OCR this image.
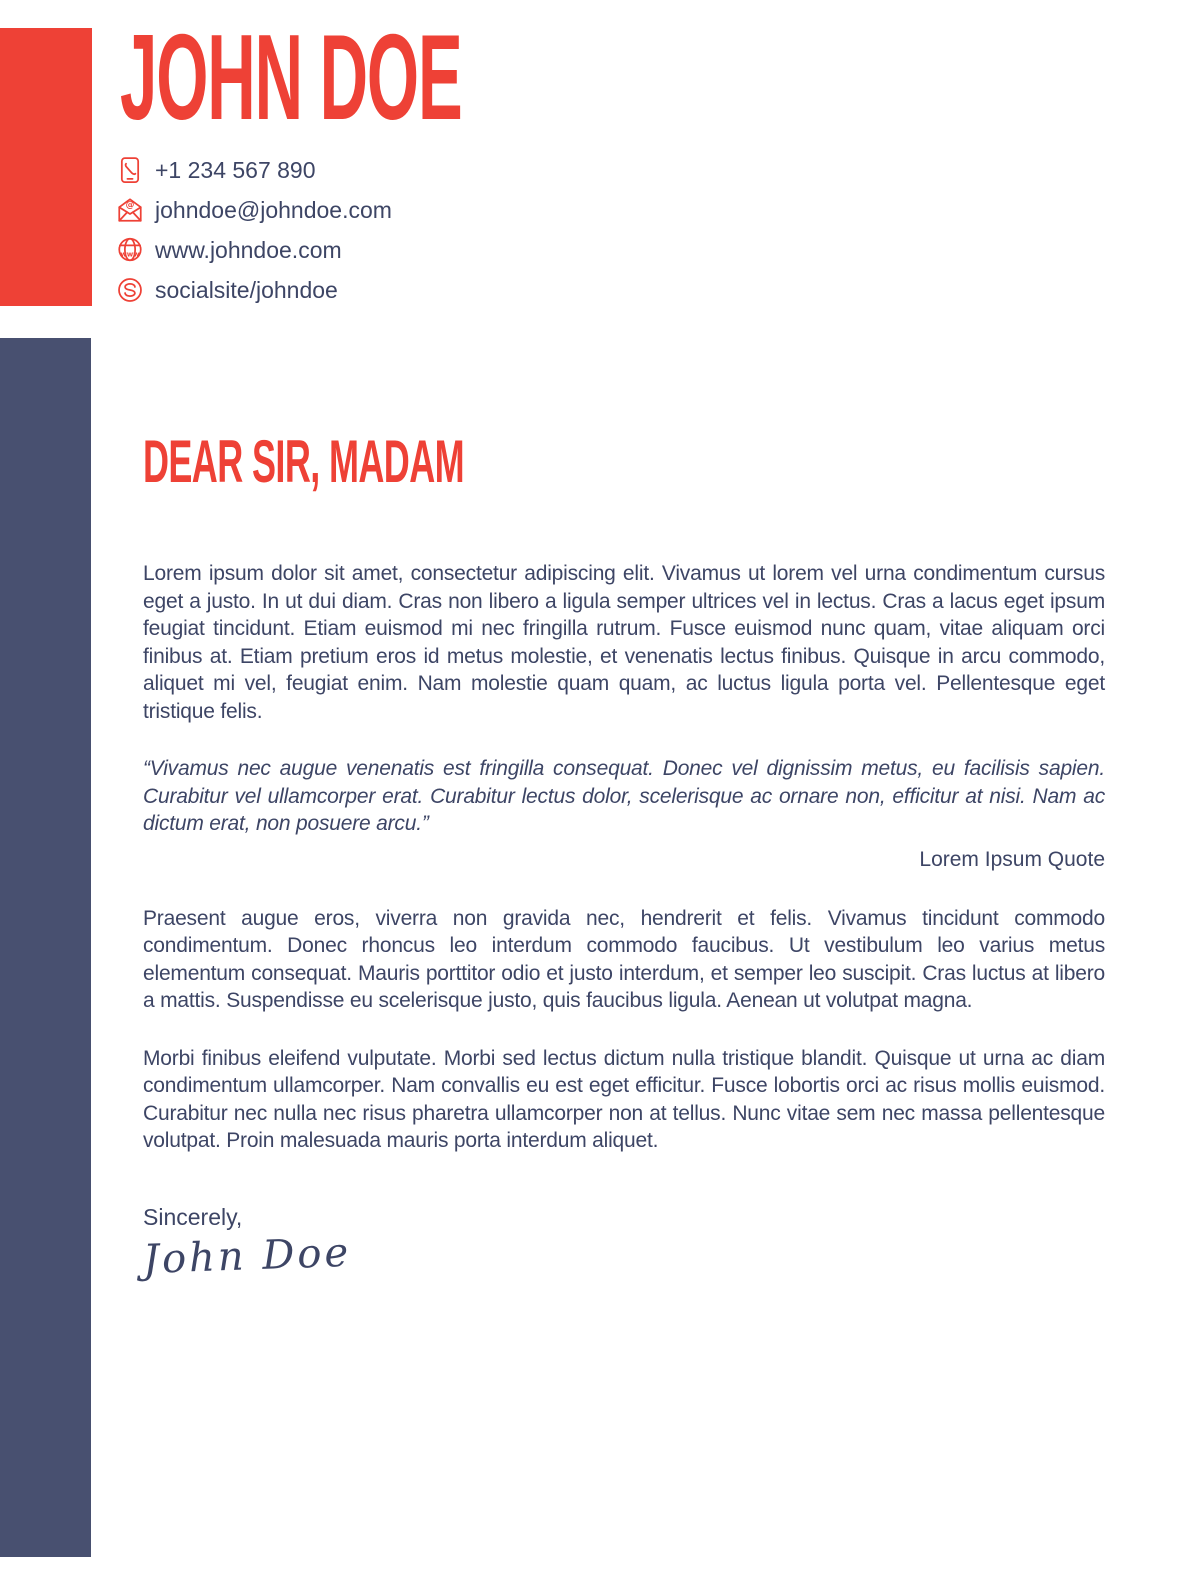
JOHN DOE
+1 234 567 890
@ johndoe@johndoe.com
www www.johndoe.com
socialsite/johndoe
DEAR SIR, MADAM

Lorem ipsum dolor sit amet, consectetur adipiscing elit. Vivamus ut lorem vel urna condimentum cursus eget a justo. In ut dui diam. Cras non libero a ligula semper ultrices vel in lectus. Cras a lacus eget ipsum feugiat tincidunt. Etiam euismod mi nec fringilla rutrum. Fusce euismod nunc quam, vitae aliquam orci finibus at. Etiam pretium eros id metus molestie, et venenatis lectus finibus. Quisque in arcu commodo, aliquet mi vel, feugiat enim. Nam molestie quam quam, ac luctus ligula porta vel. Pellentesque eget tristique felis.

“Vivamus nec augue venenatis est fringilla consequat. Donec vel dignissim metus, eu facilisis sapien. Curabitur vel ullamcorper erat. Curabitur lectus dolor, scelerisque ac ornare non, efficitur at nisi. Nam ac dictum erat, non posuere arcu.”

Lorem Ipsum Quote

Praesent augue eros, viverra non gravida nec, hendrerit et felis. Vivamus tincidunt commodo condimentum. Donec rhoncus leo interdum commodo faucibus. Ut vestibulum leo varius metus elementum consequat. Mauris porttitor odio et justo interdum, et semper leo suscipit. Cras luctus at libero a mattis. Suspendisse eu scelerisque justo, quis faucibus ligula. Aenean ut volutpat magna.

Morbi finibus eleifend vulputate. Morbi sed lectus dictum nulla tristique blandit. Quisque ut urna ac diam condimentum ullamcorper. Nam convallis eu est eget efficitur. Fusce lobortis orci ac risus mollis euismod. Curabitur nec nulla nec risus pharetra ullamcorper non at tellus. Nunc vitae sem nec massa pellentesque volutpat. Proin malesuada mauris porta interdum aliquet.

Sincerely,
John Doe
